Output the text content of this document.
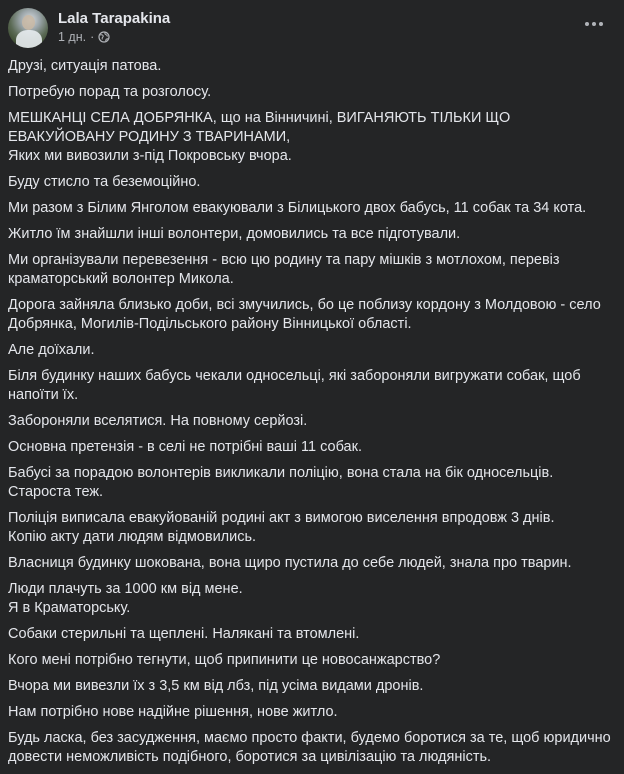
Lala Tarapakina
1 дн. ·

Друзі, ситуація патова.

Потребую порад та розголосу.

МЕШКАНЦІ СЕЛА ДОБРЯНКА, що на Вінничині, ВИГАНЯЮТЬ ТІЛЬКИ ЩО ЕВАКУЙОВАНУ РОДИНУ З ТВАРИНАМИ,
Яких ми вивозили з-під Покровську вчора.

Буду стисло та беземоційно.

Ми разом з Білим Янголом евакуювали з Білицького двох бабусь, 11 собак та 34 кота.

Житло їм знайшли інші волонтери, домовились та все підготували.

Ми організували перевезення - всю цю родину та пару мішків з мотлохом, перевіз краматорський волонтер Микола.

Дорога зайняла близько доби, всі змучились, бо це поблизу кордону з Молдовою - село Добрянка, Могилів-Подільського району Вінницької області.

Але доїхали.

Біля будинку наших бабусь чекали односельці, які забороняли вигружати собак, щоб напоїти їх.

Забороняли вселятися. На повному серйозі.

Основна претензія - в селі не потрібні ваші 11 собак.

Бабусі за порадою волонтерів викликали поліцію, вона стала на бік односельців.
Староста теж.

Поліція виписала евакуйованій родині акт з вимогою виселення впродовж 3 днів.
Копію акту дати людям відмовились.

Власниця будинку шокована, вона щиро пустила до себе людей, знала про тварин.

Люди плачуть за 1000 км від мене.
Я в Краматорську.

Собаки стерильні та щеплені. Налякані та втомлені.

Кого мені потрібно тегнути, щоб припинити це новосанжарство?

Вчора ми вивезли їх з 3,5 км від лбз, під усіма видами дронів.

Нам потрібно нове надійне рішення, нове житло.

Будь ласка, без засудження, маємо просто факти, будемо боротися за те, щоб юридично довести неможливість подібного, боротися за цивілізацію та людяність.
